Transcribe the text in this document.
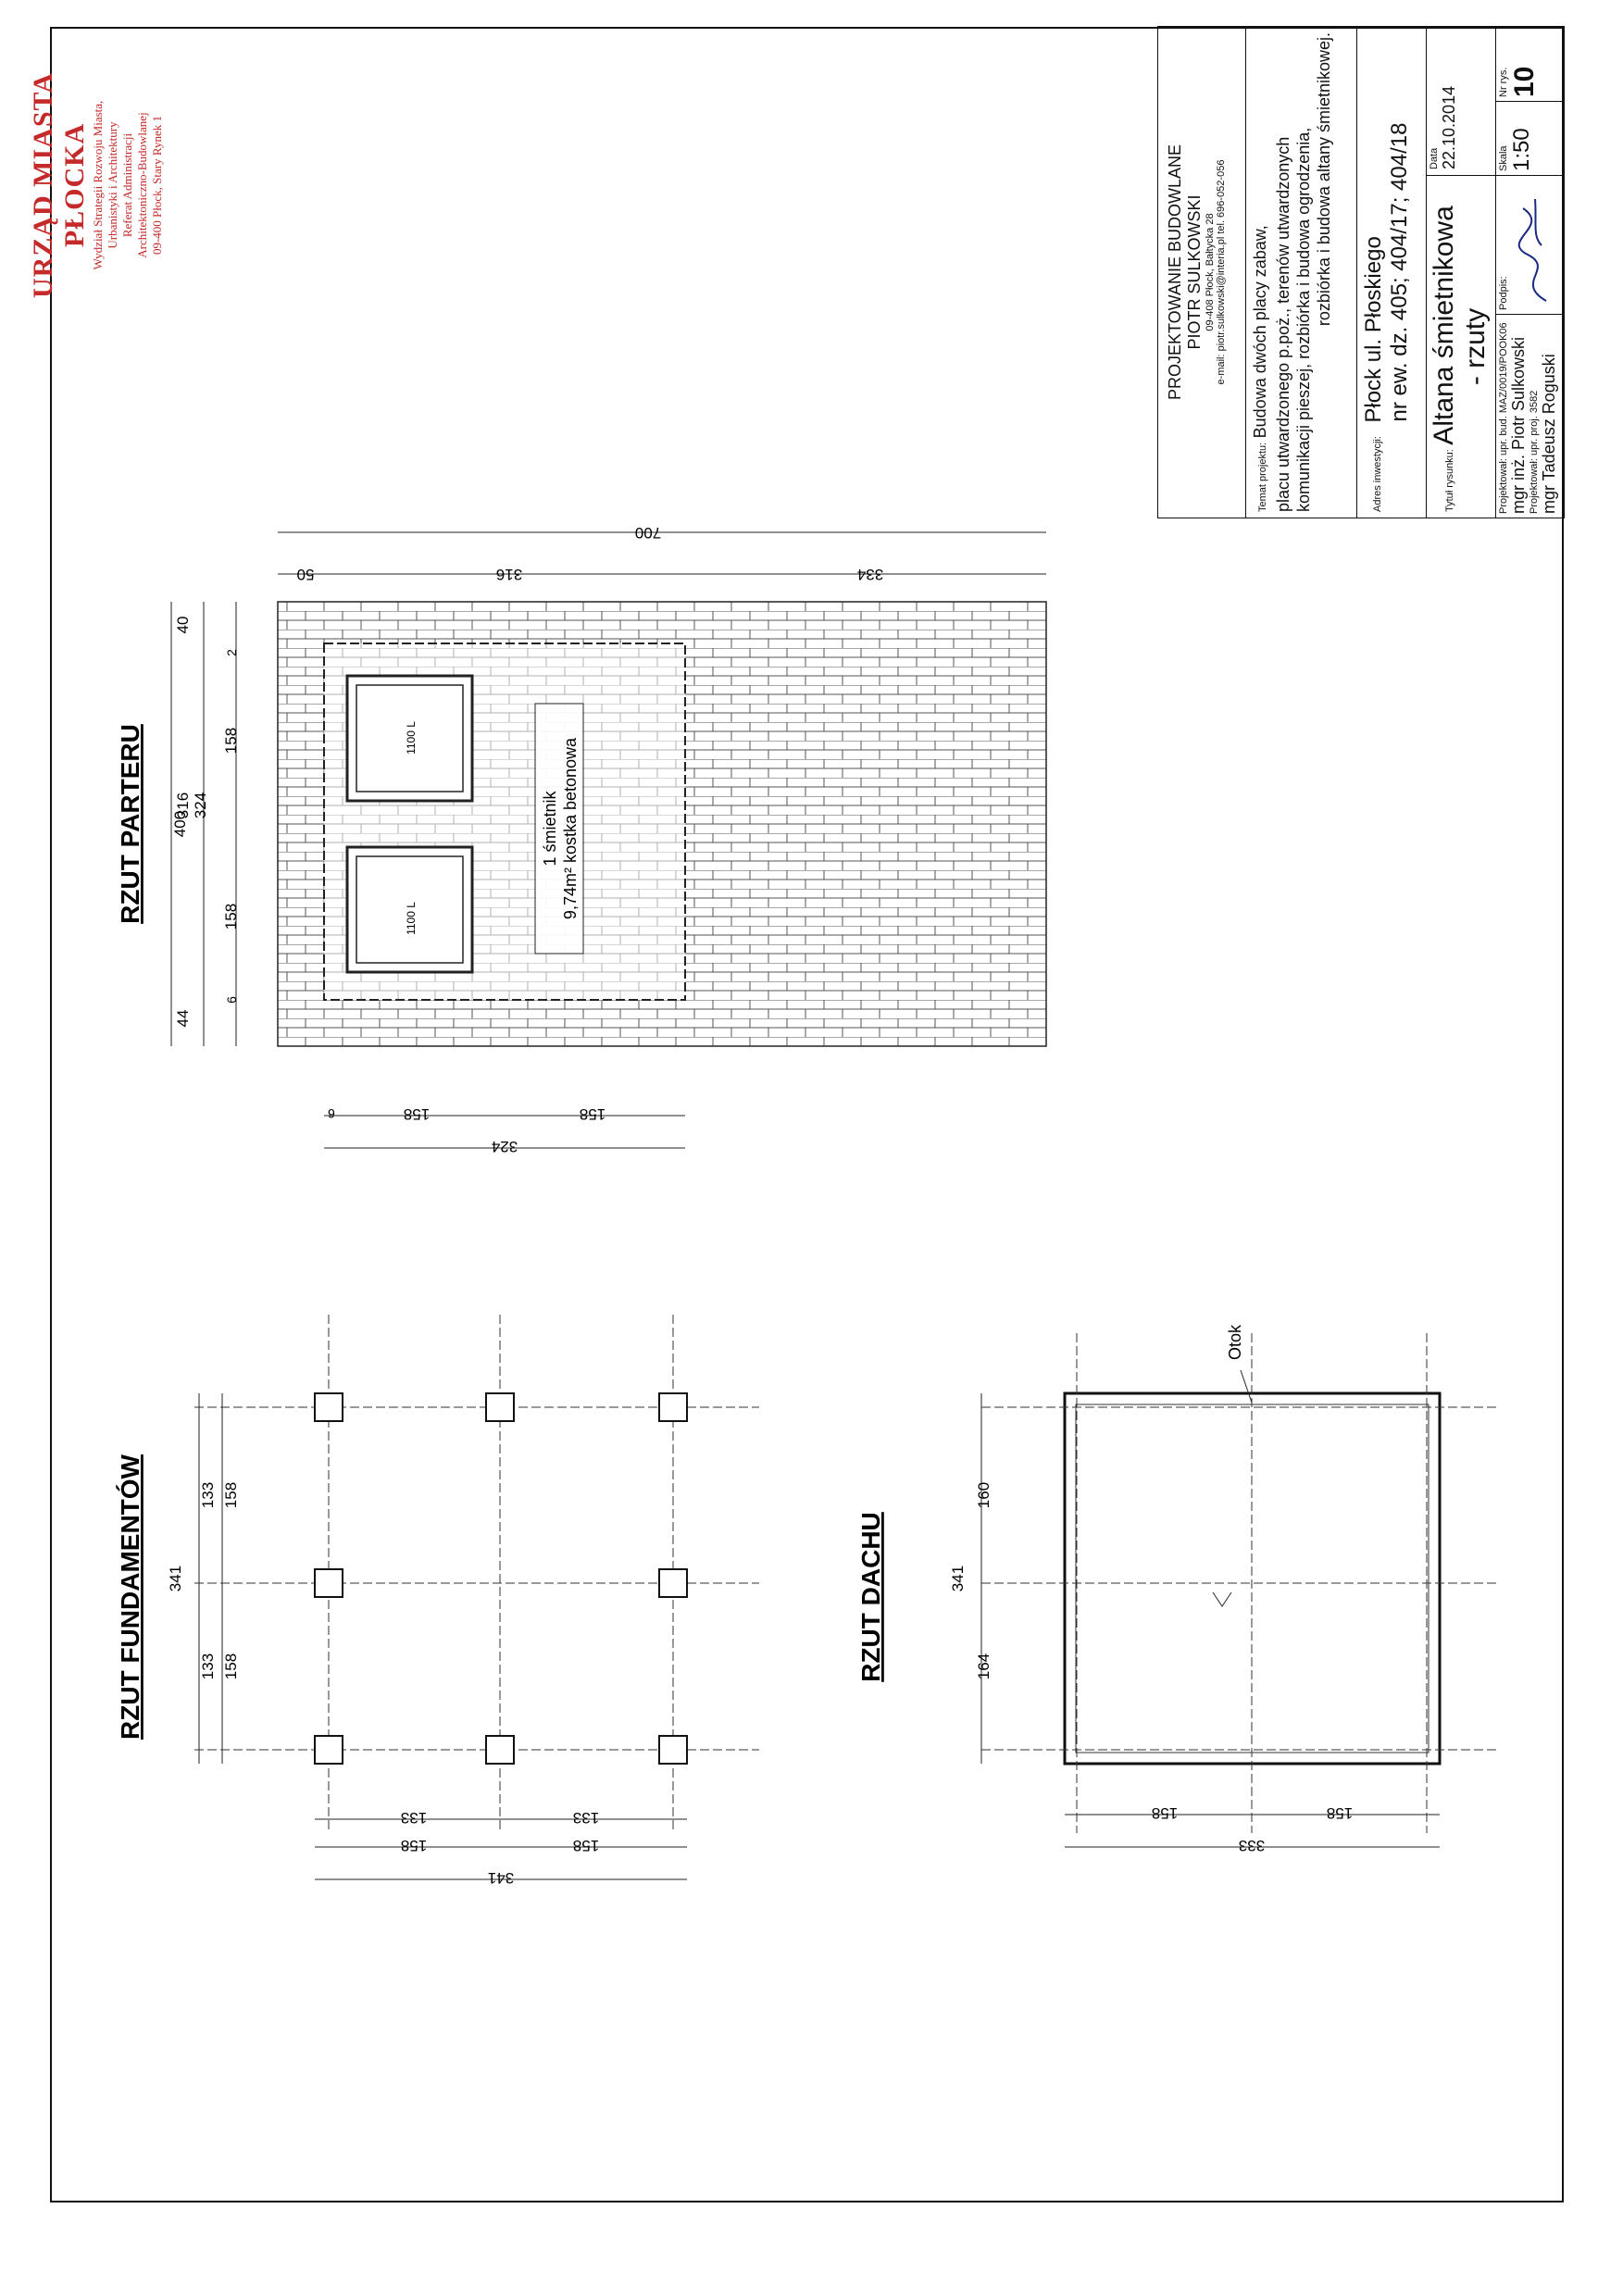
1100 L
1100 L
1 śmietnik 9,74m² kostka betonowa
RZUT PARTERU
700
50	316	334
400
316 324
44
6
158
158
2
40
6	158	158
324
RZUT FUNDAMENTÓW 341
133
133
158
158
133	133
158	158
341
RZUT DACHU
Otok
341
164
160
158	158
333
URZĄD MIASTA PŁOCKA Wydział Strategii Rozwoju Miasta, Urbanistyki i Architektury Referat Administracji Architektoniczno-Budowlanej 09-400 Płock, Stary Rynek 1	PROJEKTOWANIE BUDOWLANE PIOTR SULKOWSKI 09-408 Płock, Bałtycka 28 e-mail: piotr.sulkowski@interia.pl tel. 696-052-056
Temat projektu: Budowa dwóch placy zabaw, placu utwardzonego p.poż., terenów utwardzonych komunikacji pieszej, rozbiórka i budowa ogrodzenia, rozbiórka i budowa altany śmietnikowej.
Adres inwestycji: Płock ul. Płoskiego nr ew. dz. 405; 404/17; 404/18
Tytuł rysunku: Altana śmietnikowa - rzuty
Data 22.10.2014
Projektował: upr. bud. MAZ/0019/POOK06 mgr inż. Piotr Sulkowski Projektował: upr. proj. 3582 mgr Tadeusz Roguski
Podpis:
Skala 1:50
Nr rys. 10
